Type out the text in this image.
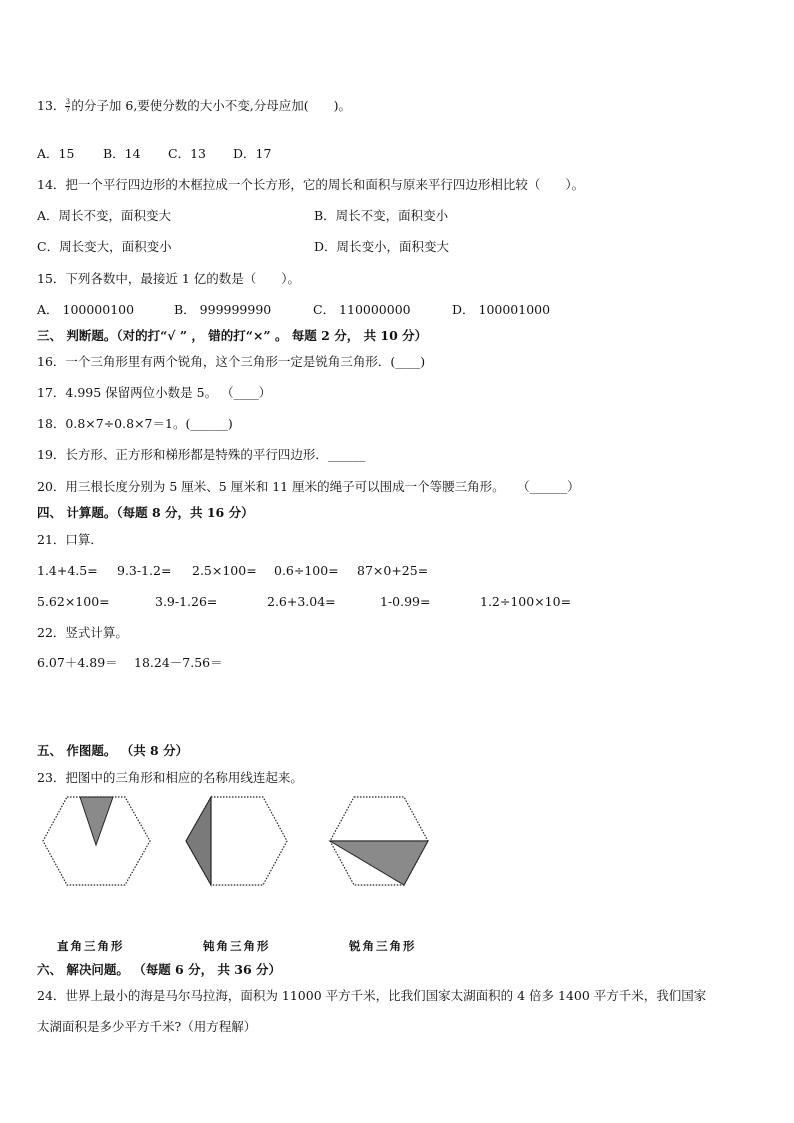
13． $\frac{3}{7}$ 的分子加 6,要使分数的大小不变,分母应加(　　)。
A．15 B．14 C．13 D．17
14．把一个平行四边形的木框拉成一个长方形，它的周长和面积与原来平行四边形相比较（　　）。
A．周长不变，面积变大	B．周长不变，面积变小
C．周长变大，面积变小	D．周长变小，面积变大
15．下列各数中，最接近 1 亿的数是（　　）。
A． 100000100	B． 999999990	C． 110000000	D． 100001000
三、 判断题。（对的打“√ ” ， 错的打“×” 。 每题 2 分， 共 10 分）
16．一个三角形里有两个锐角，这个三角形一定是锐角三角形．(____)
17．4.995 保留两位小数是 5。 （____）
18．0.8×7÷0.8×7＝1。(______)
19．长方形、正方形和梯形都是特殊的平行四边形．______
20．用三根长度分别为 5 厘米、5 厘米和 11 厘米的绳子可以围成一个等腰三角形。　　（______）
四、 计算题。（每题 8 分，共 16 分）
21．口算．
1.4+4.5= 9.3-1.2= 2.5×100= 0.6÷100= 87×0+25=
5.62×100=	3.9-1.26=	2.6+3.04=	1-0.99=	1.2÷100×10=
22．竖式计算。
6.07＋4.89＝ 18.24－7.56＝
五、 作图题。 （共 8 分）
23．把图中的三角形和相应的名称用线连起来。
直角三角形	钝角三角形	锐角三角形
六、 解决问题。 （每题 6 分， 共 36 分）
24．世界上最小的海是马尔马拉海，面积为 11000 平方千米，比我们国家太湖面积的 4 倍多 1400 平方千米，我们国家
太湖面积是多少平方千米?（用方程解）
